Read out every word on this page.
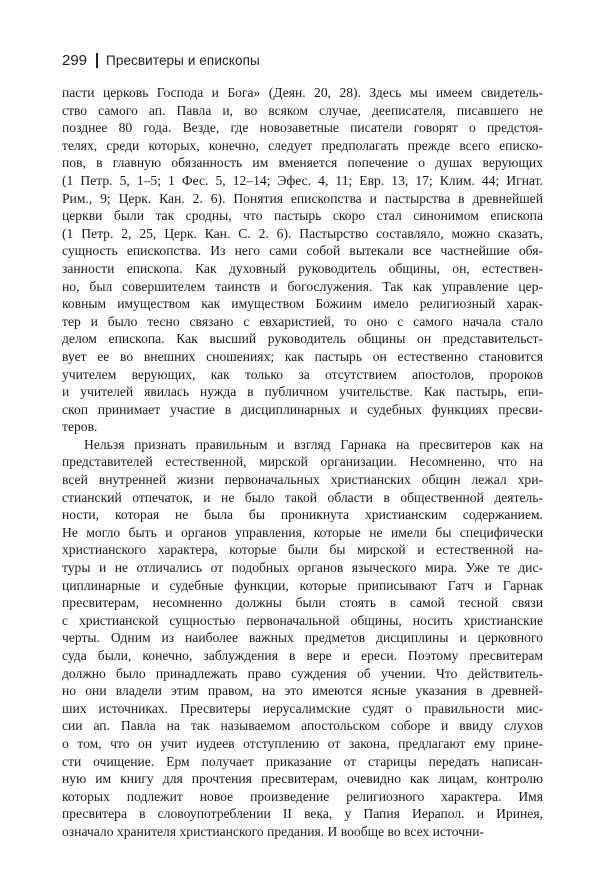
299 Пресвитеры и епископы
пасти церковь Господа и Бога» (Деян. 20, 28). Здесь мы имеем свидетель-
ство самого ап. Павла и, во всяком случае, дееписателя, писавшего не
позднее 80 года. Везде, где новозаветные писатели говорят о предстоя-
телях, среди которых, конечно, следует предполагать прежде всего еписко-
пов, в главную обязанность им вменяется попечение о душах верующих
(1 Петр. 5, 1–5; 1 Фес. 5, 12–14; Эфес. 4, 11; Евр. 13, 17; Клим. 44; Игнат.
Рим., 9; Церк. Кан. 2. 6). Понятия епископства и пастырства в древнейшей
церкви были так сродны, что пастырь скоро стал синонимом епископа
(1 Петр. 2, 25, Церк. Кан. С. 2. 6). Пастырство составляло, можно сказать,
сущность епископства. Из него сами собой вытекали все частнейшие обя-
занности епископа. Как духовный руководитель общины, он, естествен-
но, был совершителем таинств и богослужения. Так как управление цер-
ковным имуществом как имуществом Божиим имело религиозный харак-
тер и было тесно связано с евхаристией, то оно с самого начала стало
делом епископа. Как высший руководитель общины он представительст-
вует ее во внешних сношениях; как пастырь он естественно становится
учителем верующих, как только за отсутствием апостолов, пророков
и учителей явилась нужда в публичном учительстве. Как пастырь, епи-
скоп принимает участие в дисциплинарных и судебных функциях пресви-
теров.
Нельзя признать правильным и взгляд Гарнака на пресвитеров как на
представителей естественной, мирской организации. Несомненно, что на
всей внутренней жизни первоначальных христианских общин лежал хри-
стианский отпечаток, и не было такой области в общественной деятель-
ности, которая не была бы проникнута христианским содержанием.
Не могло быть и органов управления, которые не имели бы специфически
христианского характера, которые были бы мирской и естественной на-
туры и не отличались от подобных органов языческого мира. Уже те дис-
циплинарные и судебные функции, которые приписывают Гатч и Гарнак
пресвитерам, несомненно должны были стоять в самой тесной связи
с христианской сущностью первоначальной общины, носить христианские
черты. Одним из наиболее важных предметов дисциплины и церковного
суда были, конечно, заблуждения в вере и ереси. Поэтому пресвитерам
должно было принадлежать право суждения об учении. Что действитель-
но они владели этим правом, на это имеются ясные указания в древней-
ших источниках. Пресвитеры иерусалимские судят о правильности мис-
сии ап. Павла на так называемом апостольском соборе и ввиду слухов
о том, что он учит иудеев отступлению от закона, предлагают ему прине-
сти очищение. Ерм получает приказание от старицы передать написан-
ную им книгу для прочтения пресвитерам, очевидно как лицам, контролю
которых подлежит новое произведение религиозного характера. Имя
пресвитера в словоупотреблении II века, у Папия Иерапол. и Иринея,
означало хранителя христианского предания. И вообще во всех источни-
